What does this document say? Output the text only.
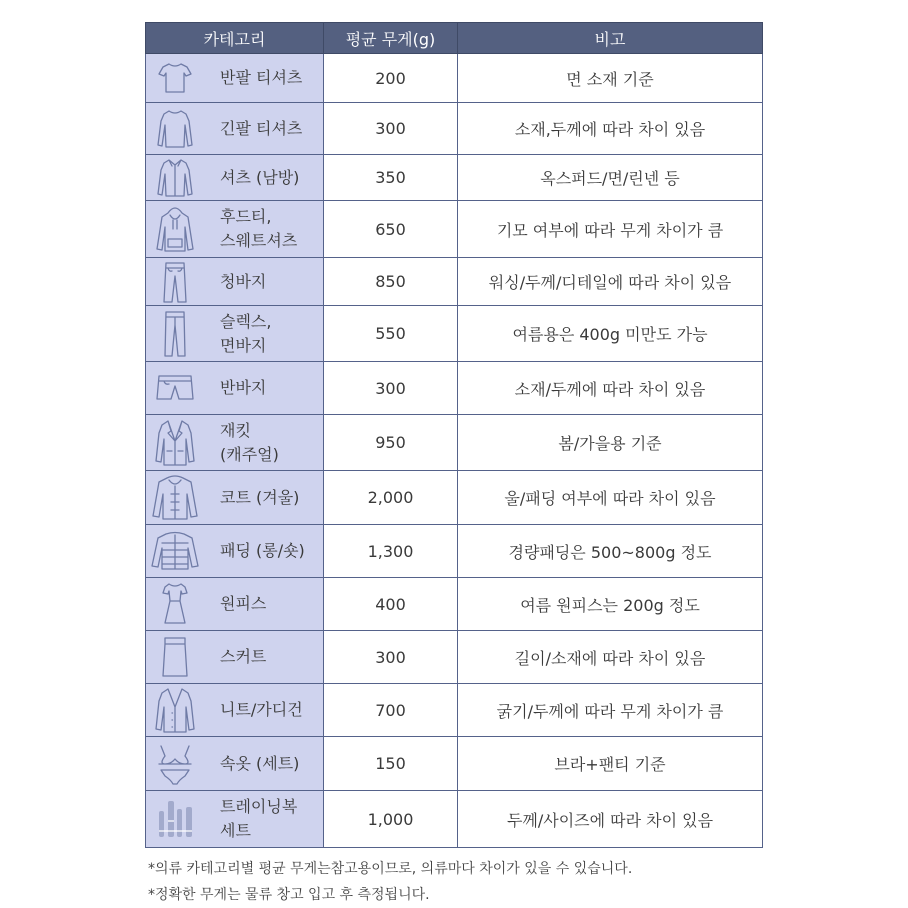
카테고리	평균 무게(g)	비고

반팔 티셔츠	200	면 소재 기준

긴팔 티셔츠	300	소재,두께에 따라 차이 있음

셔츠 (남방)	350	옥스퍼드/면/린넨 등

후드티,
스웨트셔츠	650	기모 여부에 따라 무게 차이가 큼

청바지	850	워싱/두께/디테일에 따라 차이 있음

슬렉스,
면바지	550	여름용은 400g 미만도 가능

반바지	300	소재/두께에 따라 차이 있음

재킷
(캐주얼)	950	봄/가을용 기준

코트 (겨울)	2,000	울/패딩 여부에 따라 차이 있음

패딩 (롱/숏)	1,300	경량패딩은 500~800g 정도

원피스	400	여름 원피스는 200g 정도

스커트	300	길이/소재에 따라 차이 있음

니트/가디건	700	굵기/두께에 따라 무게 차이가 큼

속옷 (세트)	150	브라+팬티 기준

트레이닝복
세트	1,000	두께/사이즈에 따라 차이 있음
*의류 카테고리별 평균 무게는참고용이므로, 의류마다 차이가 있을 수 있습니다.
*정확한 무게는 물류 창고 입고 후 측정됩니다.
